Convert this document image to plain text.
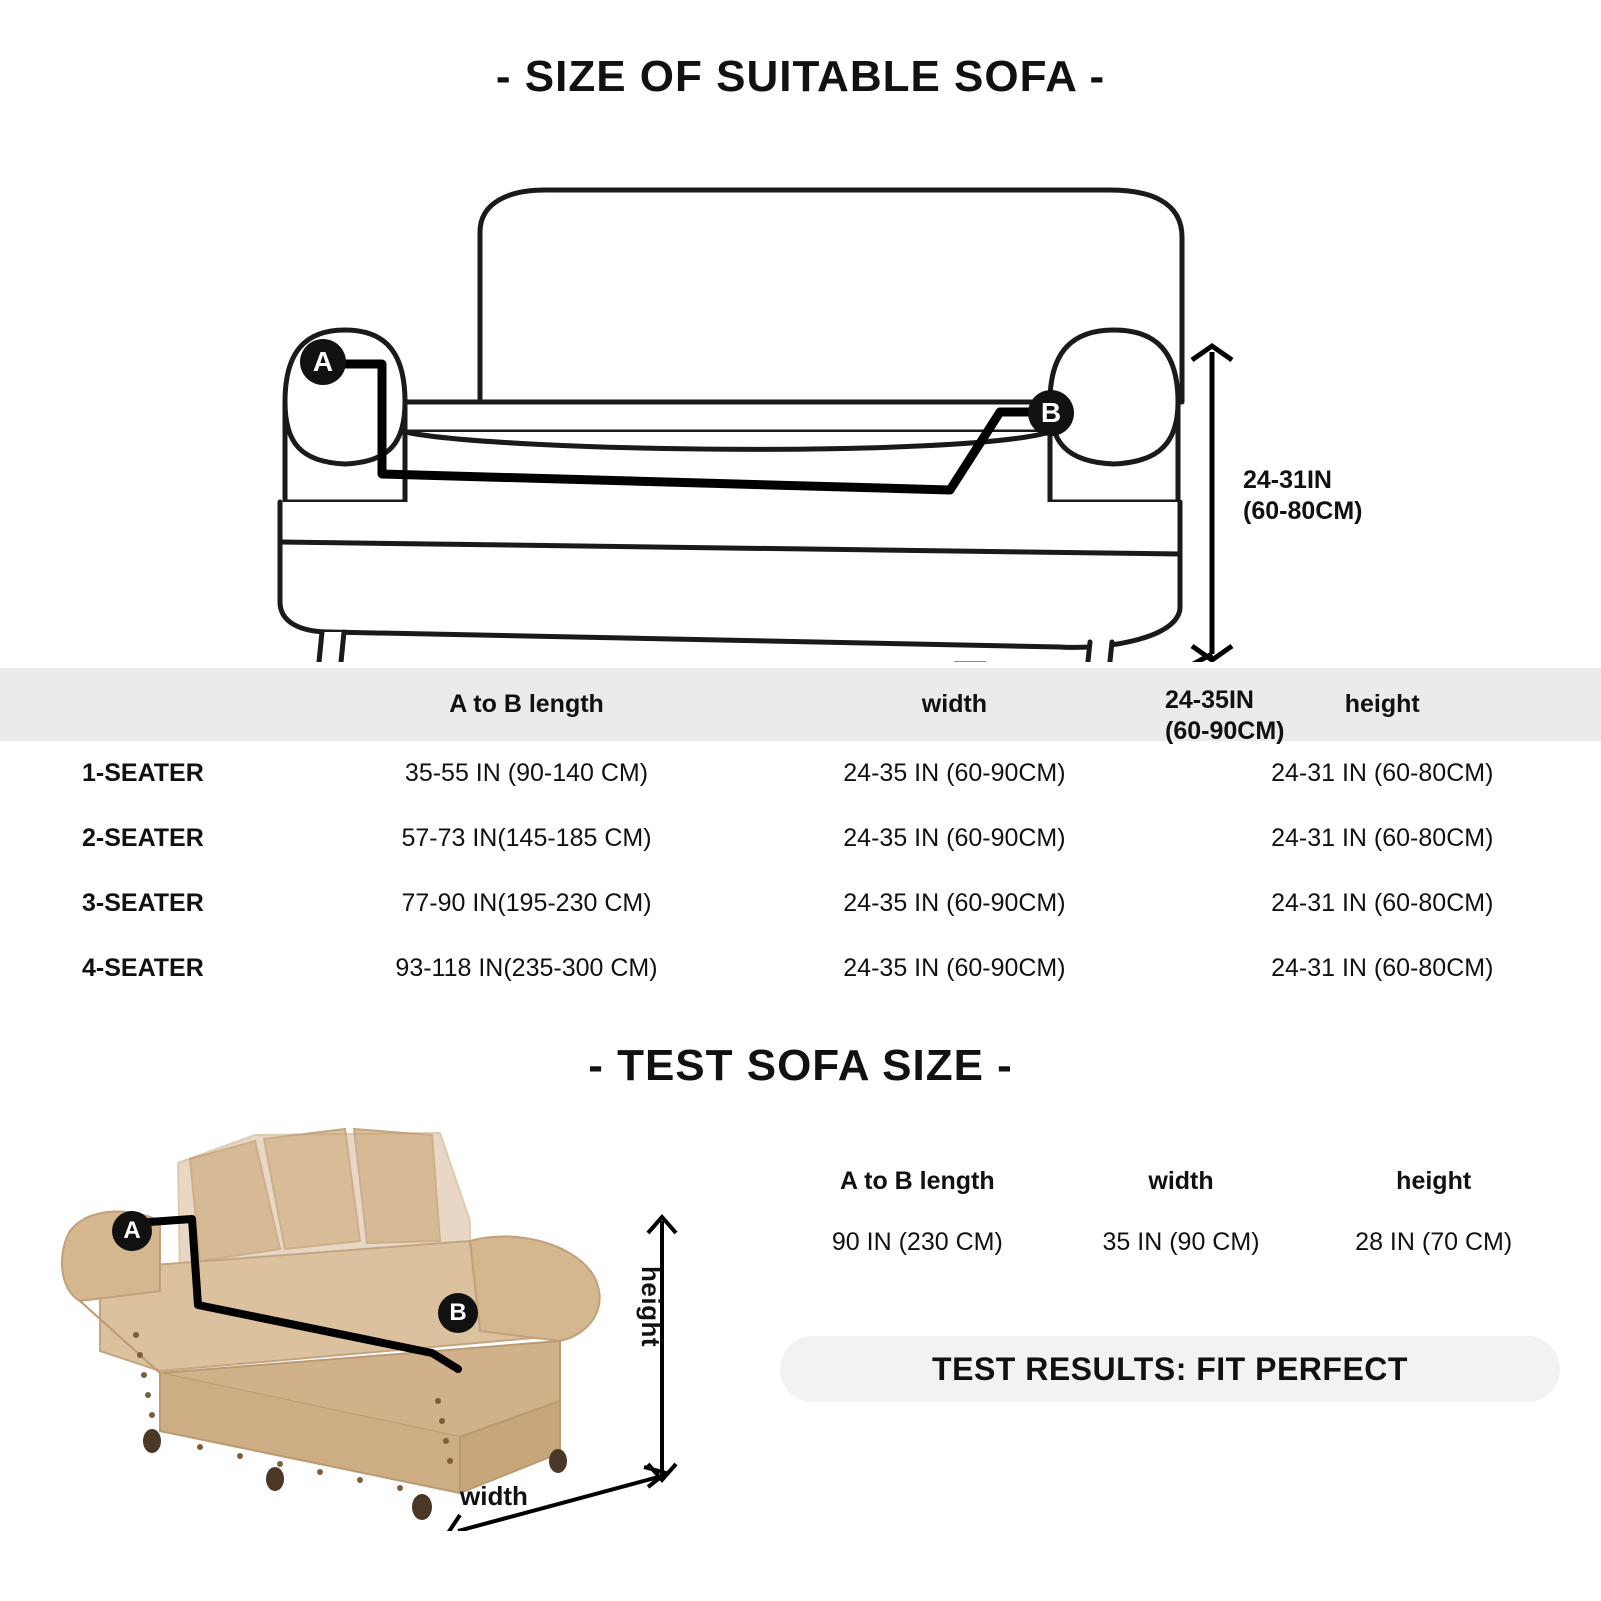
- SIZE OF SUITABLE SOFA -
A
B
24-31IN
(60-80CM)
24-35IN
(60-90CM)
	A to B length	width	height
1-SEATER	35-55 IN (90-140 CM)	24-35 IN (60-90CM)	24-31 IN (60-80CM)
2-SEATER	57-73 IN(145-185 CM)	24-35 IN (60-90CM)	24-31 IN (60-80CM)
3-SEATER	77-90 IN(195-230 CM)	24-35 IN (60-90CM)	24-31 IN (60-80CM)
4-SEATER	93-118 IN(235-300 CM)	24-35 IN (60-90CM)	24-31 IN (60-80CM)
- TEST SOFA SIZE -
A
B	height
width
A to B length	width	height
90 IN (230 CM)	35 IN (90 CM)	28 IN (70 CM)
TEST RESULTS: FIT PERFECT
